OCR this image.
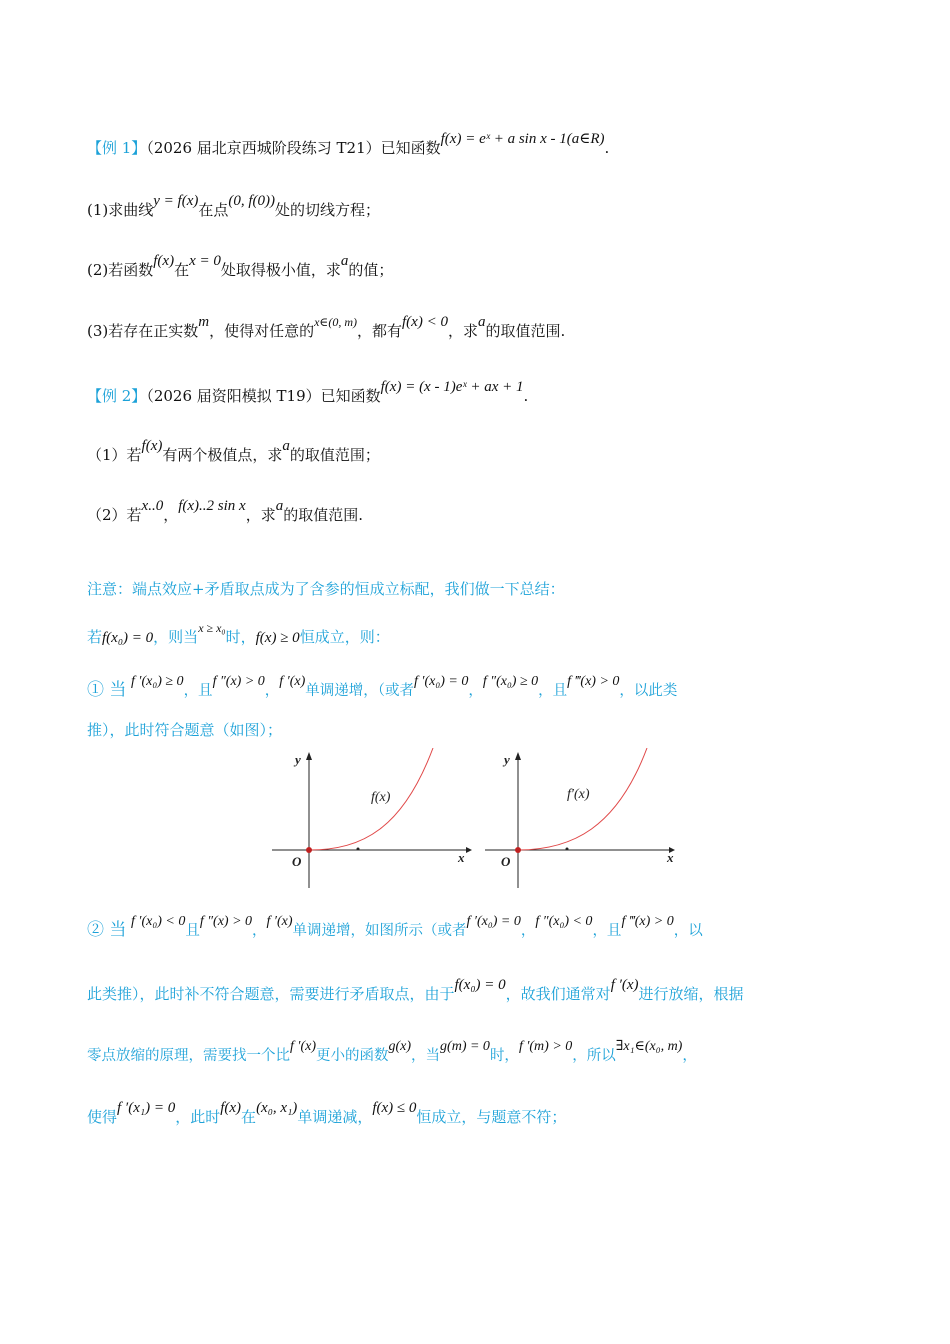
【例 1】（2026 届北京西城阶段练习 T21）已知函数f(x) = eˣ + a sin x - 1(a∈R).
(1)求曲线y = f(x)在点(0, f(0))处的切线方程；
(2)若函数f(x)在x = 0处取得极小值，求a的值；
(3)若存在正实数m，使得对任意的$^{x\in(0, m)}$，都有f(x) < 0，求a的取值范围.
【例 2】（2026 届资阳模拟 T19）已知函数f(x) = (x - 1)eˣ + ax + 1.
（1）若f(x)有两个极值点，求a的取值范围；
（2）若x..0，f(x)..2 sin x，求a的取值范围.
注意：端点效应+矛盾取点成为了含参的恒成立标配，我们做一下总结：
若f(x₀) = 0，则当$^{x \ge x_0}$时，f(x) ≥ 0恒成立，则：
① 当 f ′(x₀) ≥ 0，且f ″(x) > 0，f ′(x)单调递增，（或者f ′(x₀) = 0，f ″(x₀) ≥ 0，且f ‴(x) > 0，以此类
推），此时符合题意（如图）；
y
x
O
f(x)
y
x
O
f′(x)
② 当 f ′(x₀) < 0且f ″(x) > 0，f ′(x)单调递增，如图所示（或者f ′(x₀) = 0，f ″(x₀) < 0，且f ‴(x) > 0，以
此类推），此时补不符合题意，需要进行矛盾取点，由于f(x₀) = 0，故我们通常对f ′(x)进行放缩，根据
零点放缩的原理，需要找一个比f ′(x)更小的函数g(x)，当g(m) = 0时，f ′(m) > 0，所以∃x₁∈(x₀, m)，
使得f ′(x₁) = 0，此时f(x)在(x₀, x₁)单调递减，f(x) ≤ 0恒成立，与题意不符；
